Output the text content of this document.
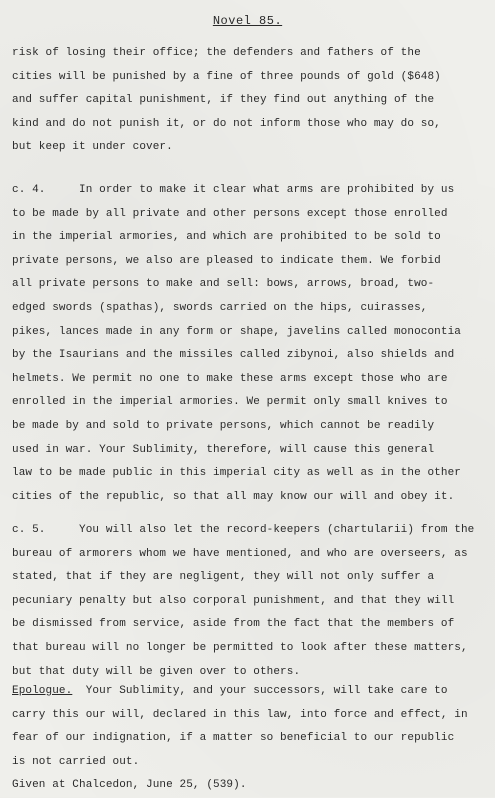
Novel 85.
risk of losing their office; the defenders and fathers of the
cities will be punished by a fine of three pounds of gold ($648)
and suffer capital punishment, if they find out anything of the
kind and do not punish it, or do not inform those who may do so,
but keep it under cover.
c. 4.     In order to make it clear what arms are prohibited by us
to be made by all private and other persons except those enrolled
in the imperial armories, and which are prohibited to be sold to
private persons, we also are pleased to indicate them. We forbid
all private persons to make and sell: bows, arrows, broad, two-
edged swords (spathas), swords carried on the hips, cuirasses,
pikes, lances made in any form or shape, javelins called monocontia
by the Isaurians and the missiles called zibynoi, also shields and
helmets. We permit no one to make these arms except those who are
enrolled in the imperial armories. We permit only small knives to
be made by and sold to private persons, which cannot be readily
used in war. Your Sublimity, therefore, will cause this general
law to be made public in this imperial city as well as in the other
cities of the republic, so that all may know our will and obey it.
c. 5.     You will also let the record-keepers (chartularii) from the
bureau of armorers whom we have mentioned, and who are overseers, as
stated, that if they are negligent, they will not only suffer a
pecuniary penalty but also corporal punishment, and that they will
be dismissed from service, aside from the fact that the members of
that bureau will no longer be permitted to look after these matters,
but that duty will be given over to others.
Epologue.  Your Sublimity, and your successors, will take care to
carry this our will, declared in this law, into force and effect, in
fear of our indignation, if a matter so beneficial to our republic
is not carried out.
Given at Chalcedon, June 25, (539).
